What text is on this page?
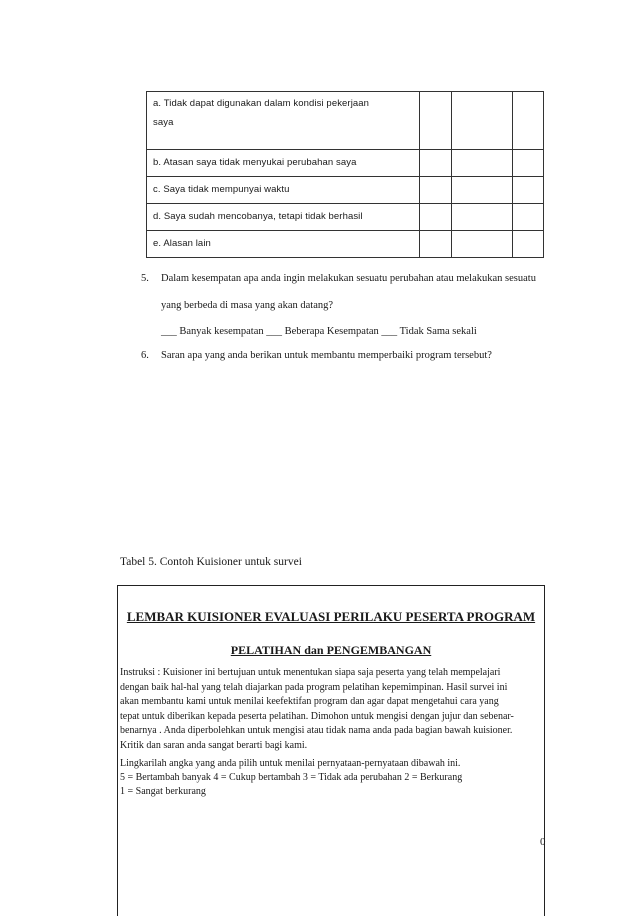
a. Tidak dapat digunakan dalam kondisi pekerjaan
saya			

b. Atasan saya tidak menyukai perubahan saya			
c. Saya tidak mempunyai waktu			
d. Saya sudah mencobanya, tetapi tidak berhasil			
e. Alasan lain			
5. Dalam kesempatan apa anda ingin melakukan sesuatu perubahan atau melakukan sesuatu
yang berbeda di masa yang akan datang?
___ Banyak kesempatan ___ Beberapa Kesempatan ___ Tidak Sama sekali
6. Saran apa yang anda berikan untuk membantu memperbaiki program tersebut?
Tabel 5. Contoh Kuisioner untuk survei
LEMBAR KUISIONER EVALUASI PERILAKU PESERTA PROGRAM
PELATIHAN dan PENGEMBANGAN
Instruksi : Kuisioner ini bertujuan untuk menentukan siapa saja peserta yang telah mempelajari
dengan baik hal-hal yang telah diajarkan pada program pelatihan kepemimpinan. Hasil survei ini
akan membantu kami untuk menilai keefektifan program dan agar dapat mengetahui cara yang
tepat untuk diberikan kepada peserta pelatihan. Dimohon untuk mengisi dengan jujur dan sebenar-
benarnya . Anda diperbolehkan untuk mengisi atau tidak nama anda pada bagian bawah kuisioner.
Kritik dan saran anda sangat berarti bagi kami.
Lingkarilah angka yang anda pilih untuk menilai pernyataan-pernyataan dibawah ini.
5 = Bertambah banyak 4 = Cukup bertambah 3 = Tidak ada perubahan 2 = Berkurang
1 = Sangat berkurang
0
